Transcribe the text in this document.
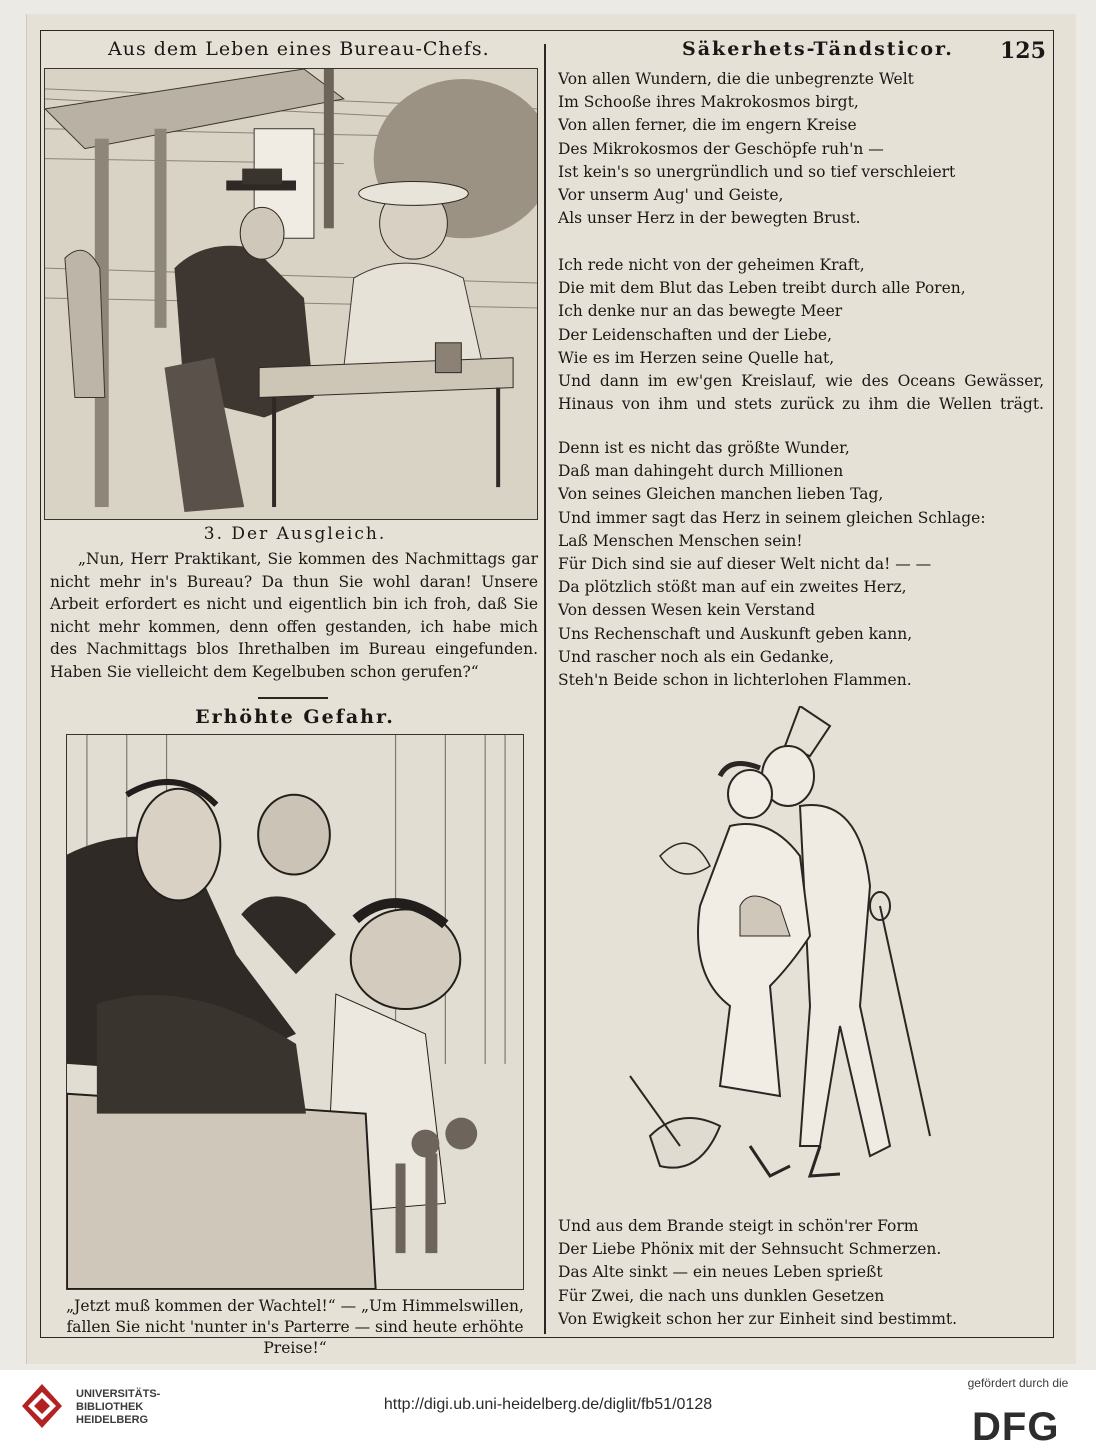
Aus dem Leben eines Bureau-Chefs.	Säkerhets-Tändsticor. 125
3. Der Ausgleich.

„Nun, Herr Praktikant, Sie kommen des Nachmittags gar nicht mehr in's Bureau? Da thun Sie wohl daran! Unsere Arbeit erfordert es nicht und eigentlich bin ich froh, daß Sie nicht mehr kommen, denn offen gestanden, ich habe mich des Nachmittags blos Ihrethalben im Bureau eingefunden. Haben Sie vielleicht dem Kegelbuben schon gerufen?“

Erhöhte Gefahr.
„Jetzt muß kommen der Wachtel!“ — „Um Himmelswillen,
fallen Sie nicht 'nunter in's Parterre — sind heute erhöhte Preise!“
Von allen Wundern, die die unbegrenzte Welt
Im Schooße ihres Makrokosmos birgt,
Von allen ferner, die im engern Kreise
Des Mikrokosmos der Geschöpfe ruh'n —
Ist kein's so unergründlich und so tief verschleiert
Vor unserm Aug' und Geiste,
Als unser Herz in der bewegten Brust.
Ich rede nicht von der geheimen Kraft,
Die mit dem Blut das Leben treibt durch alle Poren,
Ich denke nur an das bewegte Meer
Der Leidenschaften und der Liebe,
Wie es im Herzen seine Quelle hat,
Und dann im ew'gen Kreislauf, wie des Oceans Gewässer,
Hinaus von ihm und stets zurück zu ihm die Wellen trägt.
Denn ist es nicht das größte Wunder,
Daß man dahingeht durch Millionen
Von seines Gleichen manchen lieben Tag,
Und immer sagt das Herz in seinem gleichen Schlage:
Laß Menschen Menschen sein!
Für Dich sind sie auf dieser Welt nicht da! — —
Da plötzlich stößt man auf ein zweites Herz,
Von dessen Wesen kein Verstand
Uns Rechenschaft und Auskunft geben kann,
Und rascher noch als ein Gedanke,
Steh'n Beide schon in lichterlohen Flammen.
Und aus dem Brande steigt in schön'rer Form
Der Liebe Phönix mit der Sehnsucht Schmerzen.
Das Alte sinkt — ein neues Leben sprießt
Für Zwei, die nach uns dunklen Gesetzen
Von Ewigkeit schon her zur Einheit sind bestimmt.
UNIVERSITÄTS-
BIBLIOTHEK
HEIDELBERG
http://digi.ub.uni-heidelberg.de/diglit/fb51/0128
gefördert durch die
DFG
